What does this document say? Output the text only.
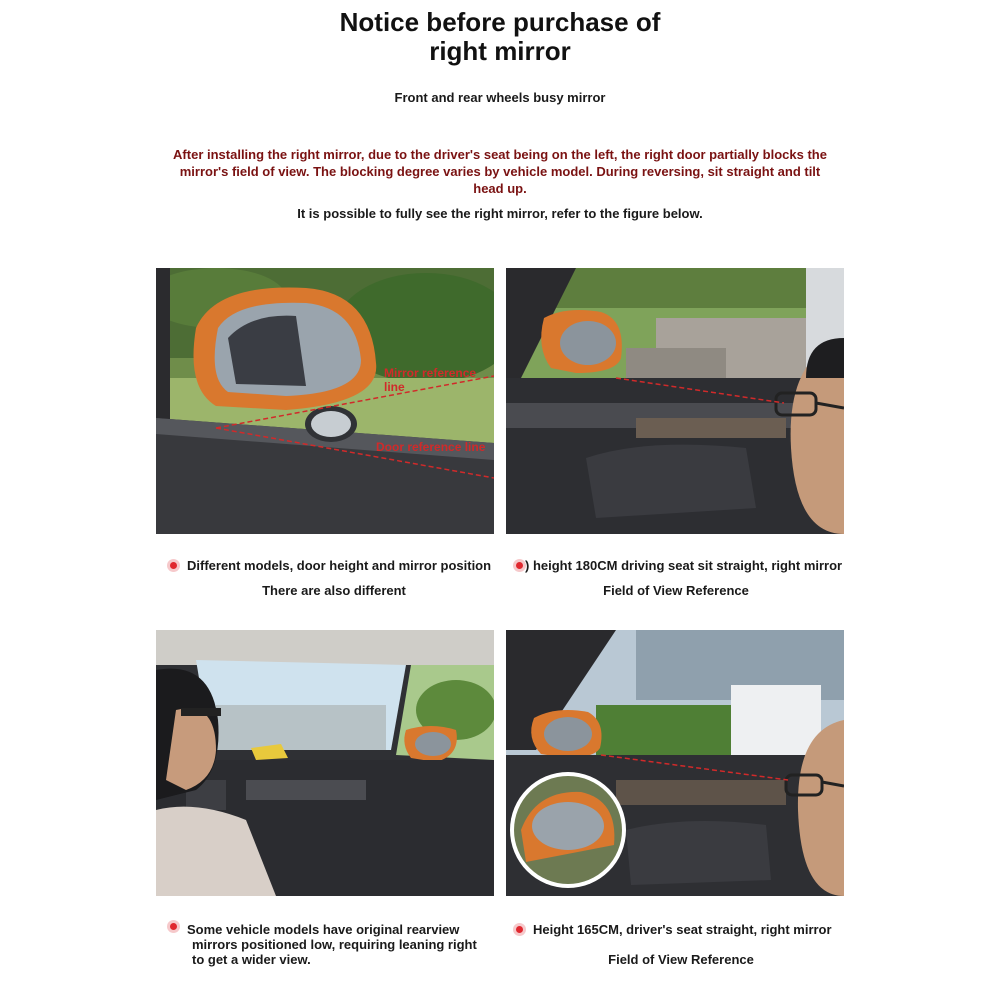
Notice before purchase of
right mirror
Front and rear wheels busy mirror
After installing the right mirror, due to the driver's seat being on the left, the right door partially blocks the mirror's field of view. The blocking degree varies by vehicle model. During reversing, sit straight and tilt head up.
It is possible to fully see the right mirror, refer to the figure below.
Mirror reference line
Door reference line
Different models, door height and mirror position
There are also different
) height 180CM driving seat sit straight, right mirror
Field of View Reference
Some vehicle models have original rearview
mirrors positioned low, requiring leaning right
to get a wider view.
Height 165CM, driver's seat straight, right mirror
Field of View Reference
